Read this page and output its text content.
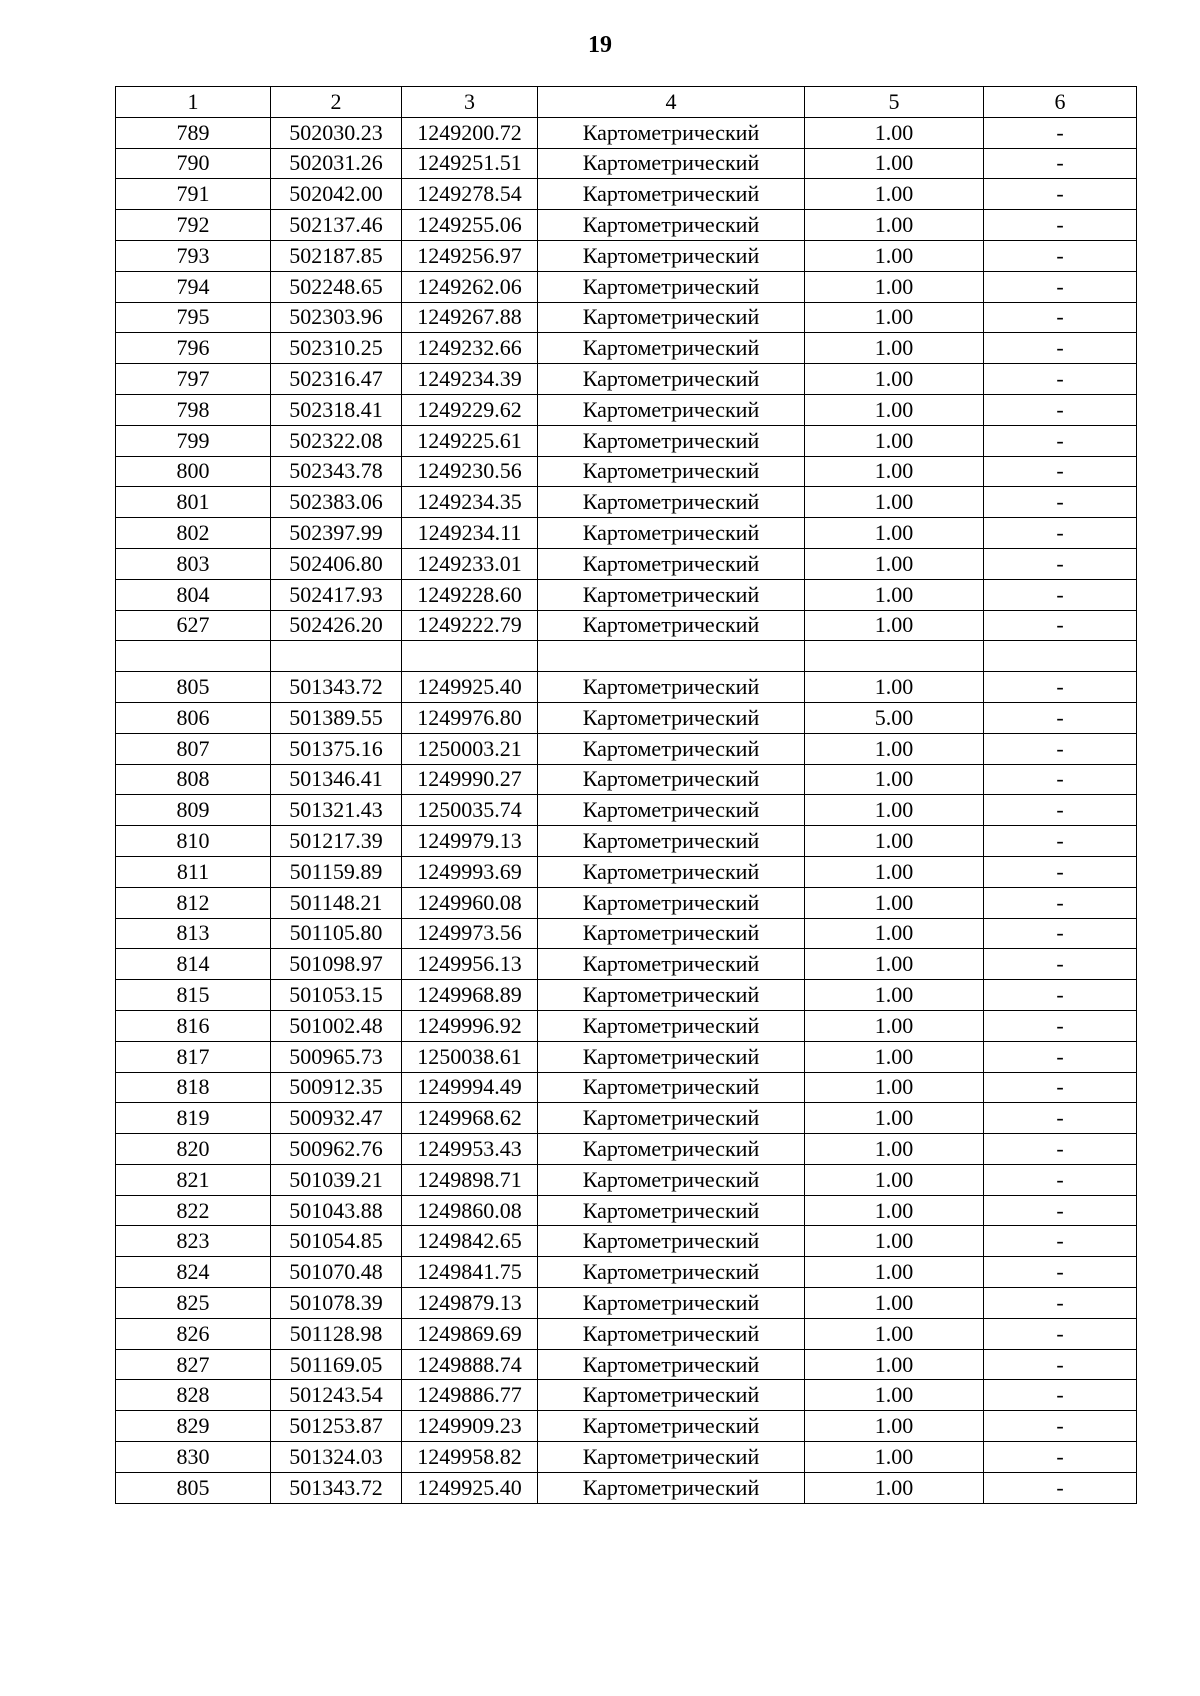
19
1	2	3	4	5	6
789	502030.23	1249200.72	Картометрический	1.00	-
790	502031.26	1249251.51	Картометрический	1.00	-
791	502042.00	1249278.54	Картометрический	1.00	-
792	502137.46	1249255.06	Картометрический	1.00	-
793	502187.85	1249256.97	Картометрический	1.00	-
794	502248.65	1249262.06	Картометрический	1.00	-
795	502303.96	1249267.88	Картометрический	1.00	-
796	502310.25	1249232.66	Картометрический	1.00	-
797	502316.47	1249234.39	Картометрический	1.00	-
798	502318.41	1249229.62	Картометрический	1.00	-
799	502322.08	1249225.61	Картометрический	1.00	-
800	502343.78	1249230.56	Картометрический	1.00	-
801	502383.06	1249234.35	Картометрический	1.00	-
802	502397.99	1249234.11	Картометрический	1.00	-
803	502406.80	1249233.01	Картометрический	1.00	-
804	502417.93	1249228.60	Картометрический	1.00	-
627	502426.20	1249222.79	Картометрический	1.00	-

805	501343.72	1249925.40	Картометрический	1.00	-
806	501389.55	1249976.80	Картометрический	5.00	-
807	501375.16	1250003.21	Картометрический	1.00	-
808	501346.41	1249990.27	Картометрический	1.00	-
809	501321.43	1250035.74	Картометрический	1.00	-
810	501217.39	1249979.13	Картометрический	1.00	-
811	501159.89	1249993.69	Картометрический	1.00	-
812	501148.21	1249960.08	Картометрический	1.00	-
813	501105.80	1249973.56	Картометрический	1.00	-
814	501098.97	1249956.13	Картометрический	1.00	-
815	501053.15	1249968.89	Картометрический	1.00	-
816	501002.48	1249996.92	Картометрический	1.00	-
817	500965.73	1250038.61	Картометрический	1.00	-
818	500912.35	1249994.49	Картометрический	1.00	-
819	500932.47	1249968.62	Картометрический	1.00	-
820	500962.76	1249953.43	Картометрический	1.00	-
821	501039.21	1249898.71	Картометрический	1.00	-
822	501043.88	1249860.08	Картометрический	1.00	-
823	501054.85	1249842.65	Картометрический	1.00	-
824	501070.48	1249841.75	Картометрический	1.00	-
825	501078.39	1249879.13	Картометрический	1.00	-
826	501128.98	1249869.69	Картометрический	1.00	-
827	501169.05	1249888.74	Картометрический	1.00	-
828	501243.54	1249886.77	Картометрический	1.00	-
829	501253.87	1249909.23	Картометрический	1.00	-
830	501324.03	1249958.82	Картометрический	1.00	-
805	501343.72	1249925.40	Картометрический	1.00	-
